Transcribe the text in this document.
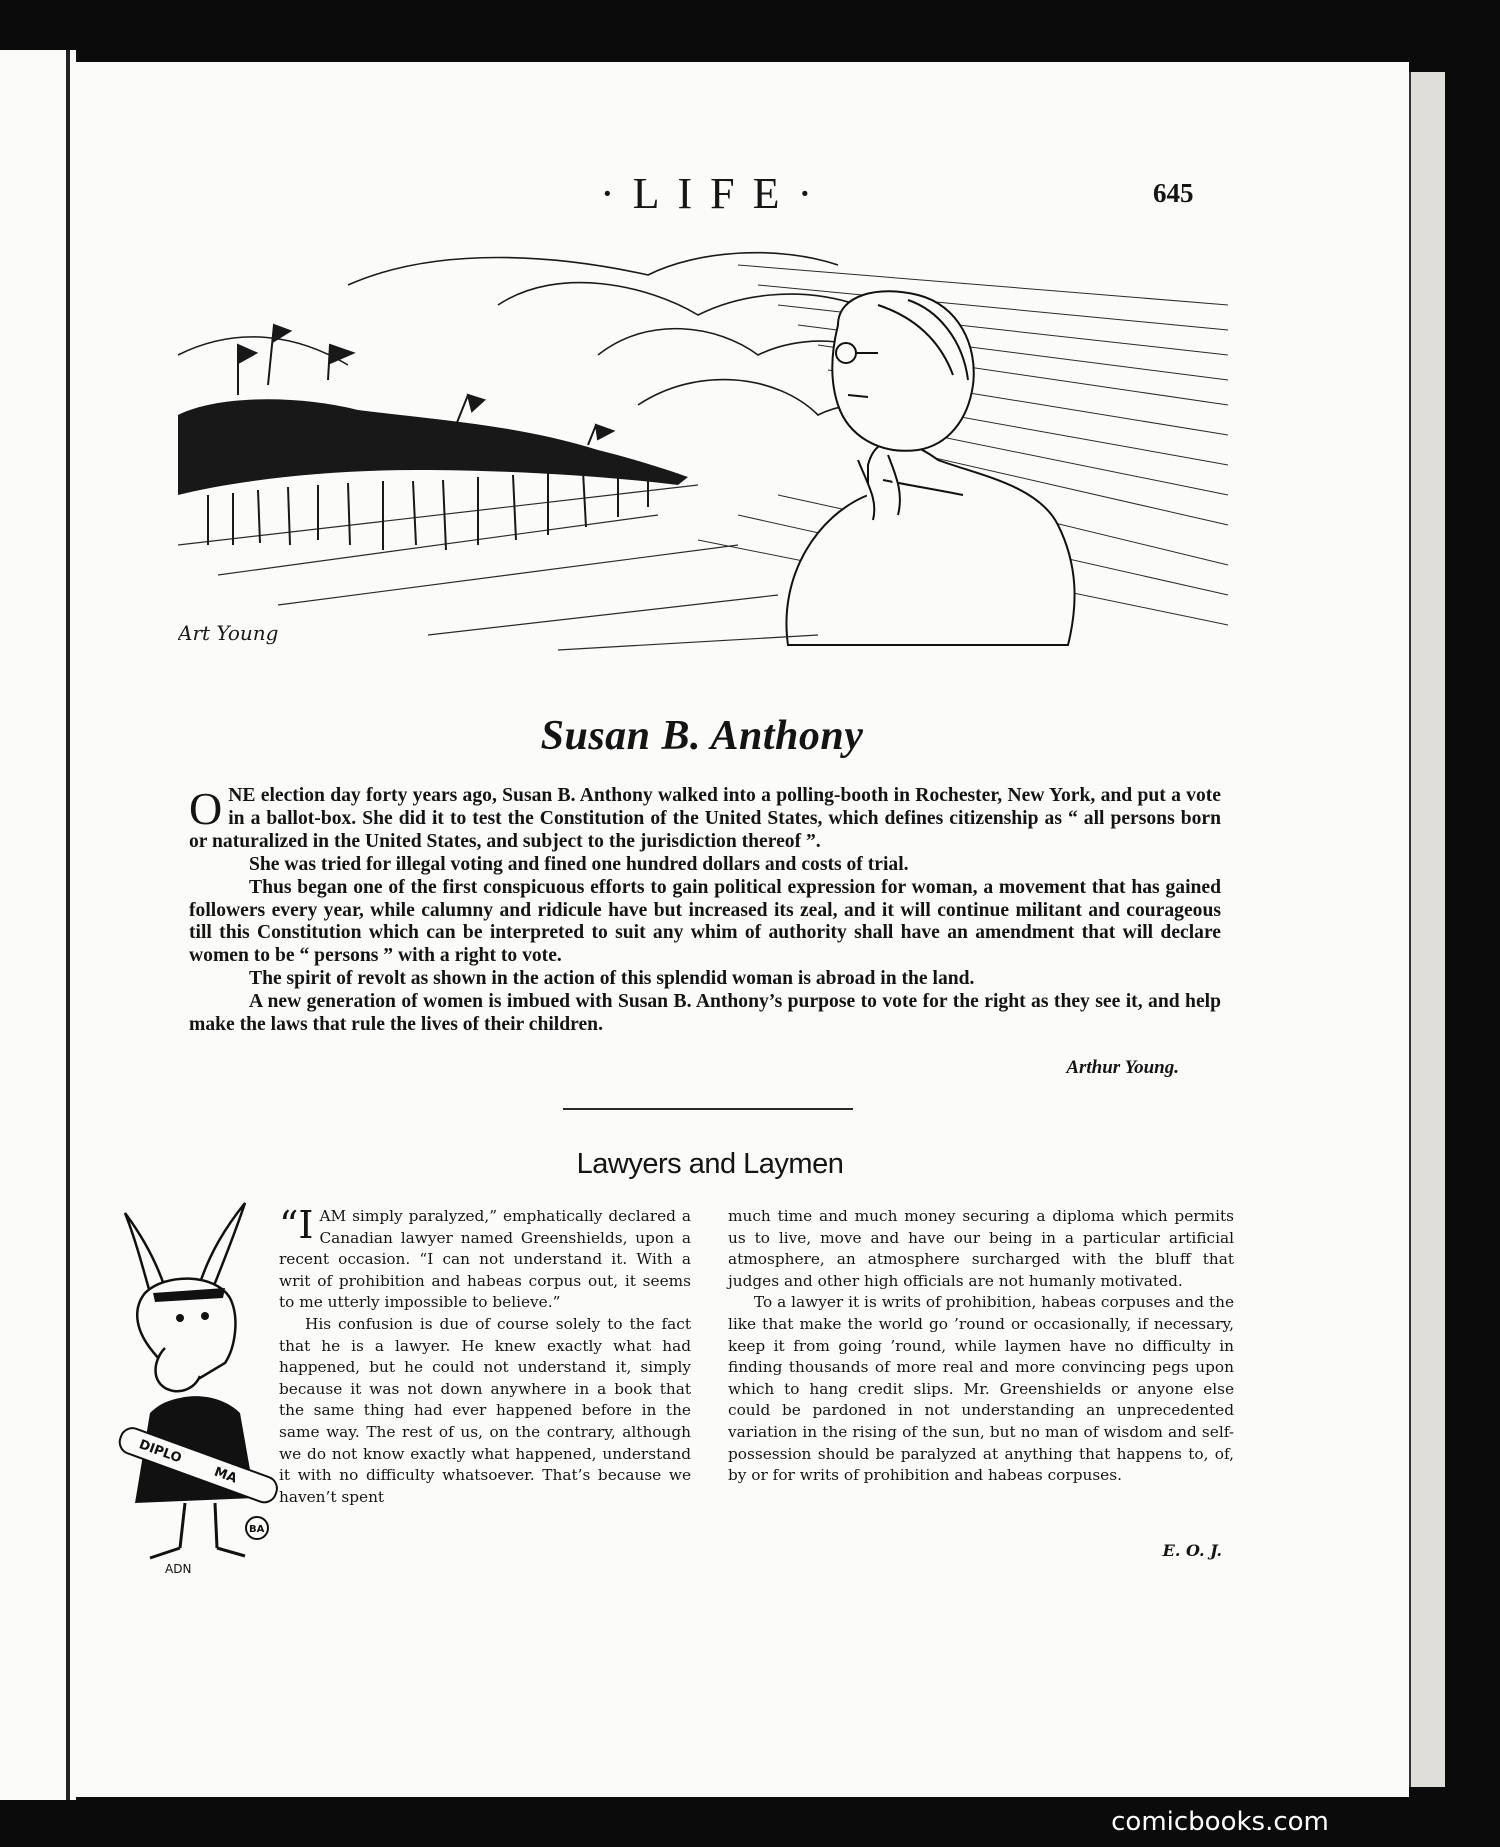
·LIFE·	645
Art Young
Susan B. Anthony

ONE election day forty years ago, Susan B. Anthony walked into a polling-booth in Rochester, New York, and put a vote in a ballot-box. She did it to test the Constitution of the United States, which defines citizenship as “ all persons born or naturalized in the United States, and subject to the jurisdiction thereof ”.

She was tried for illegal voting and fined one hundred dollars and costs of trial.

Thus began one of the first conspicuous efforts to gain political expression for woman, a movement that has gained followers every year, while calumny and ridicule have but increased its zeal, and it will continue militant and courageous till this Constitution which can be interpreted to suit any whim of authority shall have an amendment that will declare women to be “ persons ” with a right to vote.

The spirit of revolt as shown in the action of this splendid woman is abroad in the land.

A new generation of women is imbued with Susan B. Anthony’s purpose to vote for the right as they see it, and help make the laws that rule the lives of their children.

Arthur Young.
Lawyers and Laymen
DIPLO
MA
BA
ADN

“I AM simply paralyzed,” emphatically declared a Canadian lawyer named Greenshields, upon a recent occasion. “I can not understand it. With a writ of prohibition and habeas corpus out, it seems to me utterly impossible to believe.”

His confusion is due of course solely to the fact that he is a lawyer. He knew exactly what had happened, but he could not understand it, simply because it was not down anywhere in a book that the same thing had ever happened before in the same way. The rest of us, on the contrary, although we do not know exactly what happened, understand it with no difficulty whatsoever. That’s because we haven’t spent

much time and much money securing a diploma which permits us to live, move and have our being in a particular artificial atmosphere, an atmosphere surcharged with the bluff that judges and other high officials are not humanly motivated.

To a lawyer it is writs of prohibition, habeas corpuses and the like that make the world go ’round or occasionally, if necessary, keep it from going ’round, while laymen have no difficulty in finding thousands of more real and more convincing pegs upon which to hang credit slips. Mr. Greenshields or anyone else could be pardoned in not understanding an unprecedented variation in the rising of the sun, but no man of wisdom and self-possession should be paralyzed at anything that happens to, of, by or for writs of prohibition and habeas corpuses.

E. O. J.
comicbooks.com
